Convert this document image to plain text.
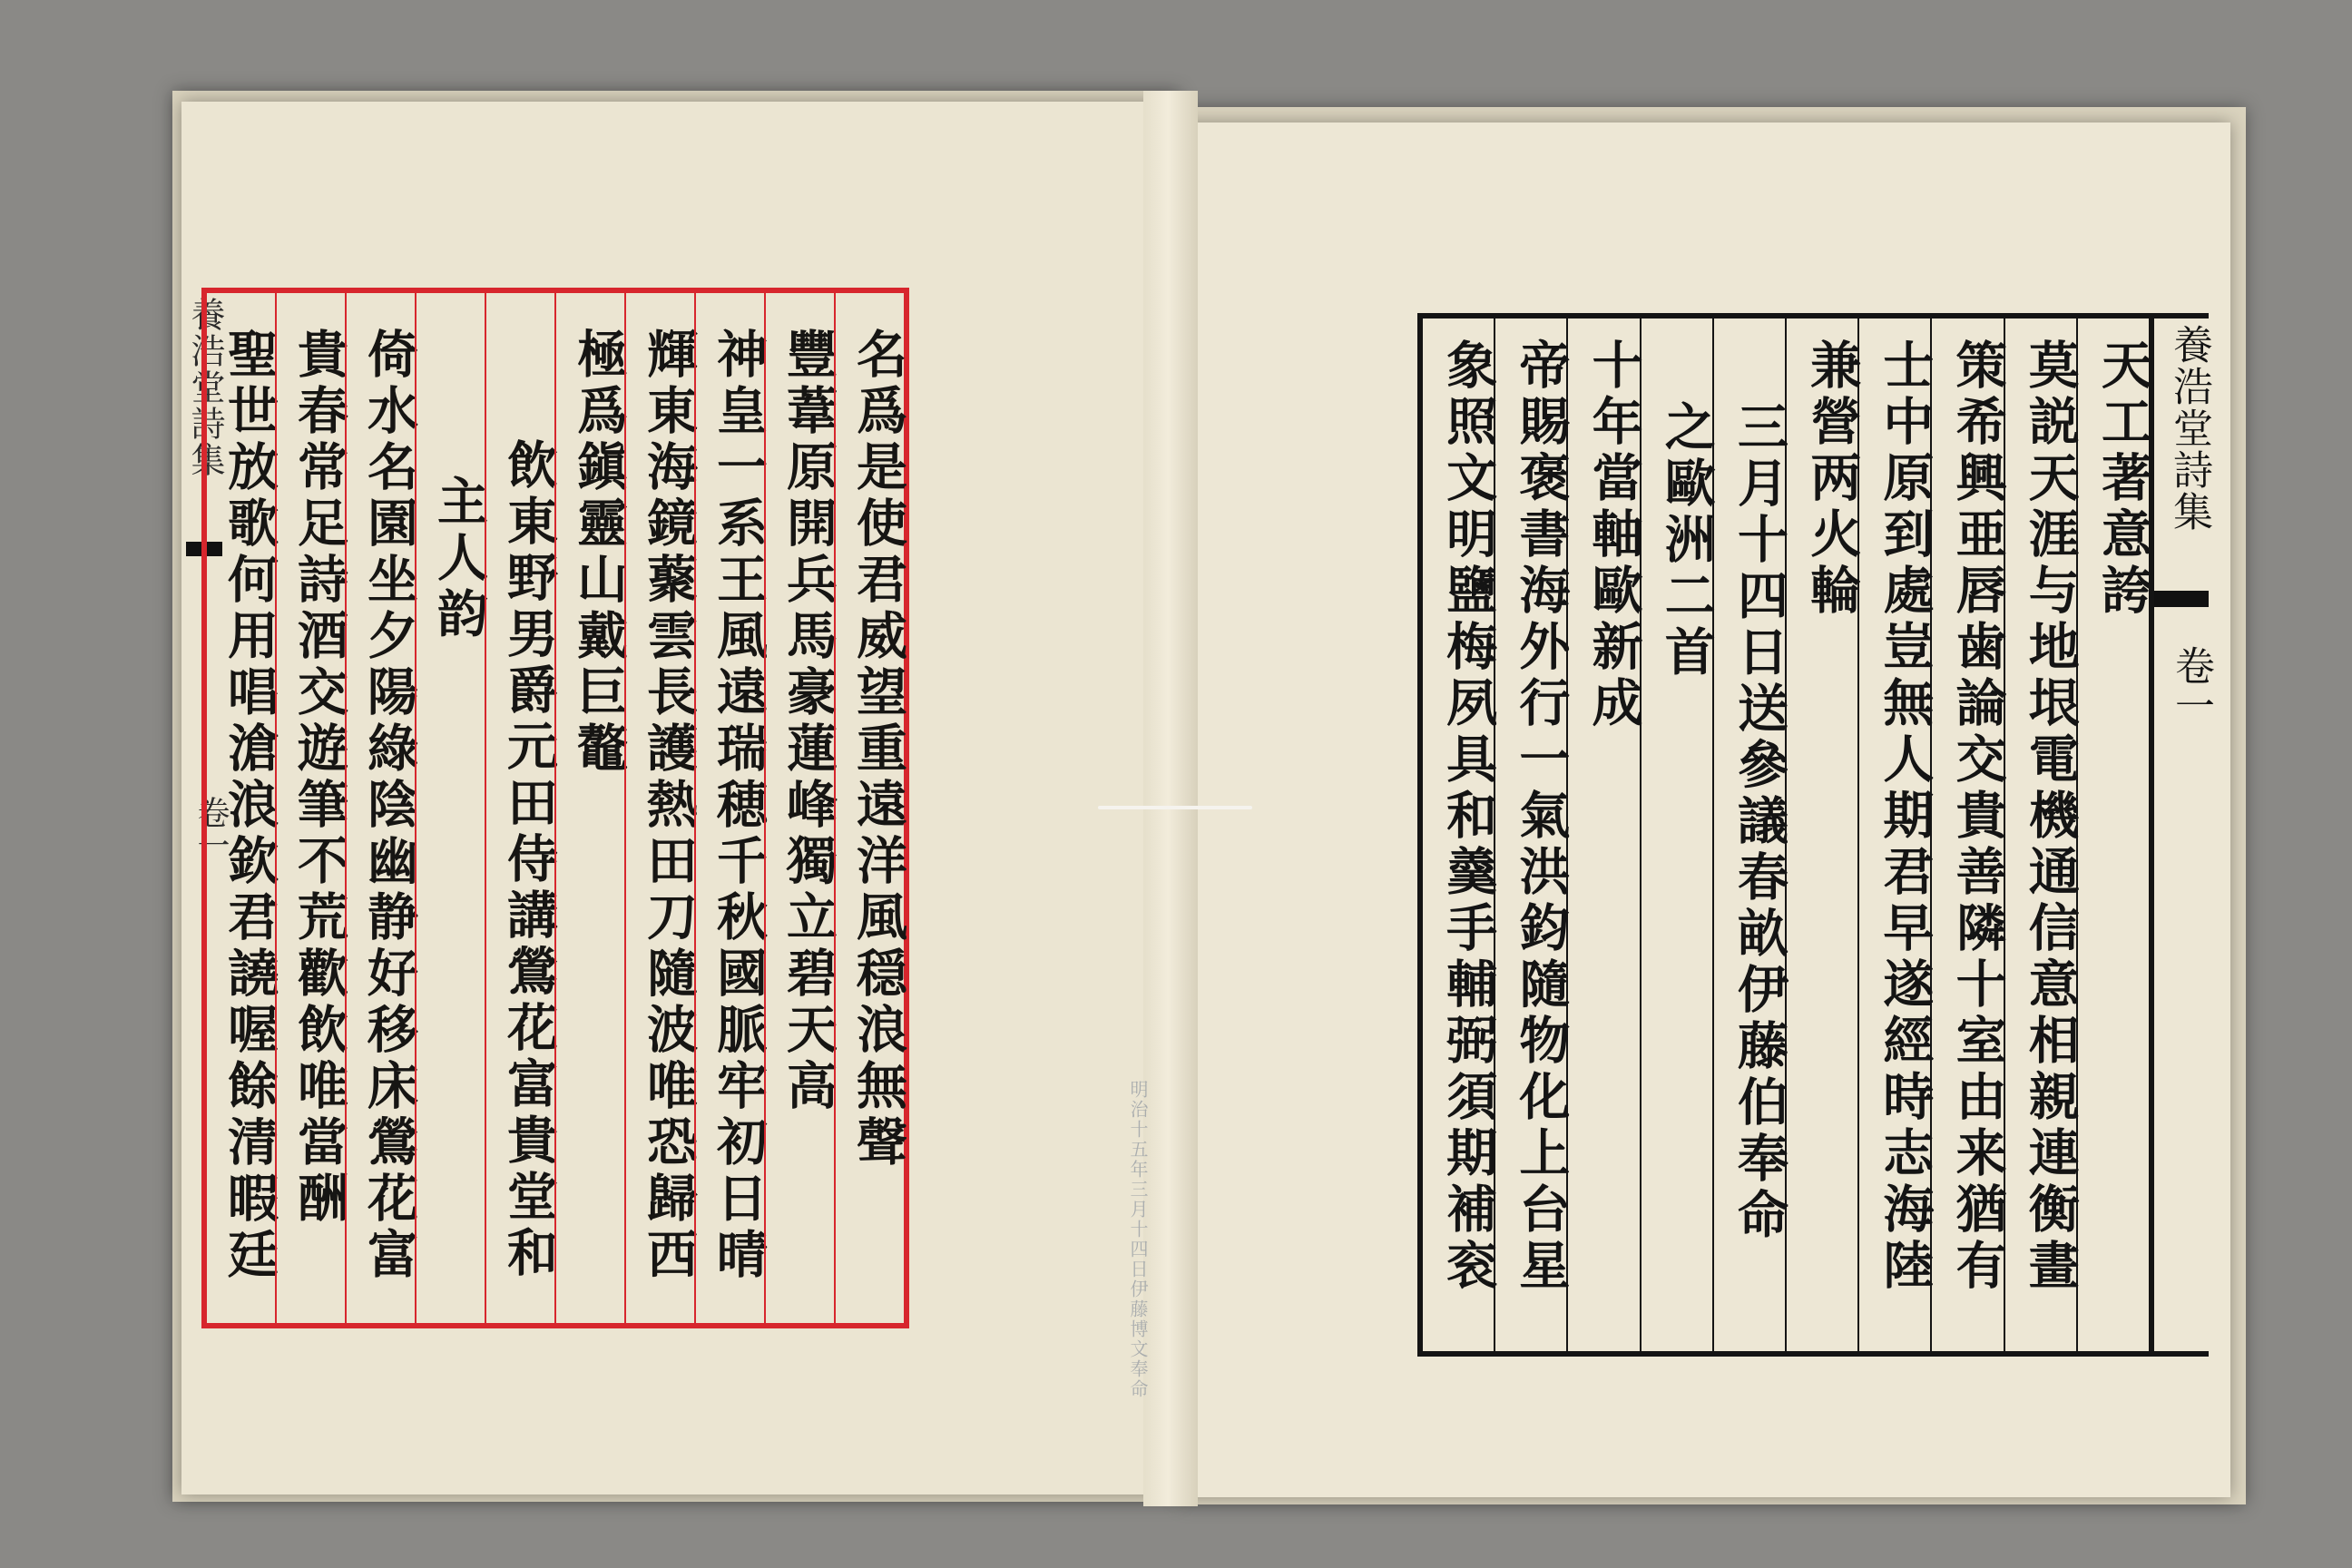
養浩堂詩集
卷一	名爲是使君威望重遠洋風穏浪無聲
豐葦原開兵馬豪蓮峰獨立碧天高
神皇一系王風遠瑞穂千秋國脈牢初日晴
輝東海鏡藂雲長護熱田刀隨波唯恐歸西
極爲鎭靈山戴巨鼇
飲東野男爵元田侍講鶯花富貴堂和
主人韵
倚水名園坐夕陽綠陰幽静好移床鶯花富
貴春常足詩酒交遊筆不荒歡飲唯當酬
聖世放歌何用唱滄浪欽君譊喔餘清暇廷	明治十五年三月十四日伊藤博文奉命
天工著意誇
莫説天涯与地垠電機通信意相親連衡畫
策希興亜唇歯論交貴善隣十室由来猶有
士中原到處豈無人期君早遂經時志海陸
兼營两火輪
三月十四日送參議春畝伊藤伯奉命
之歐洲二首
十年當軸歐新成
帝賜褒書海外行一氣洪鈞隨物化上台星
象照文明鹽梅夙具和羹手輔弼須期補衮	養浩堂詩集
卷一
